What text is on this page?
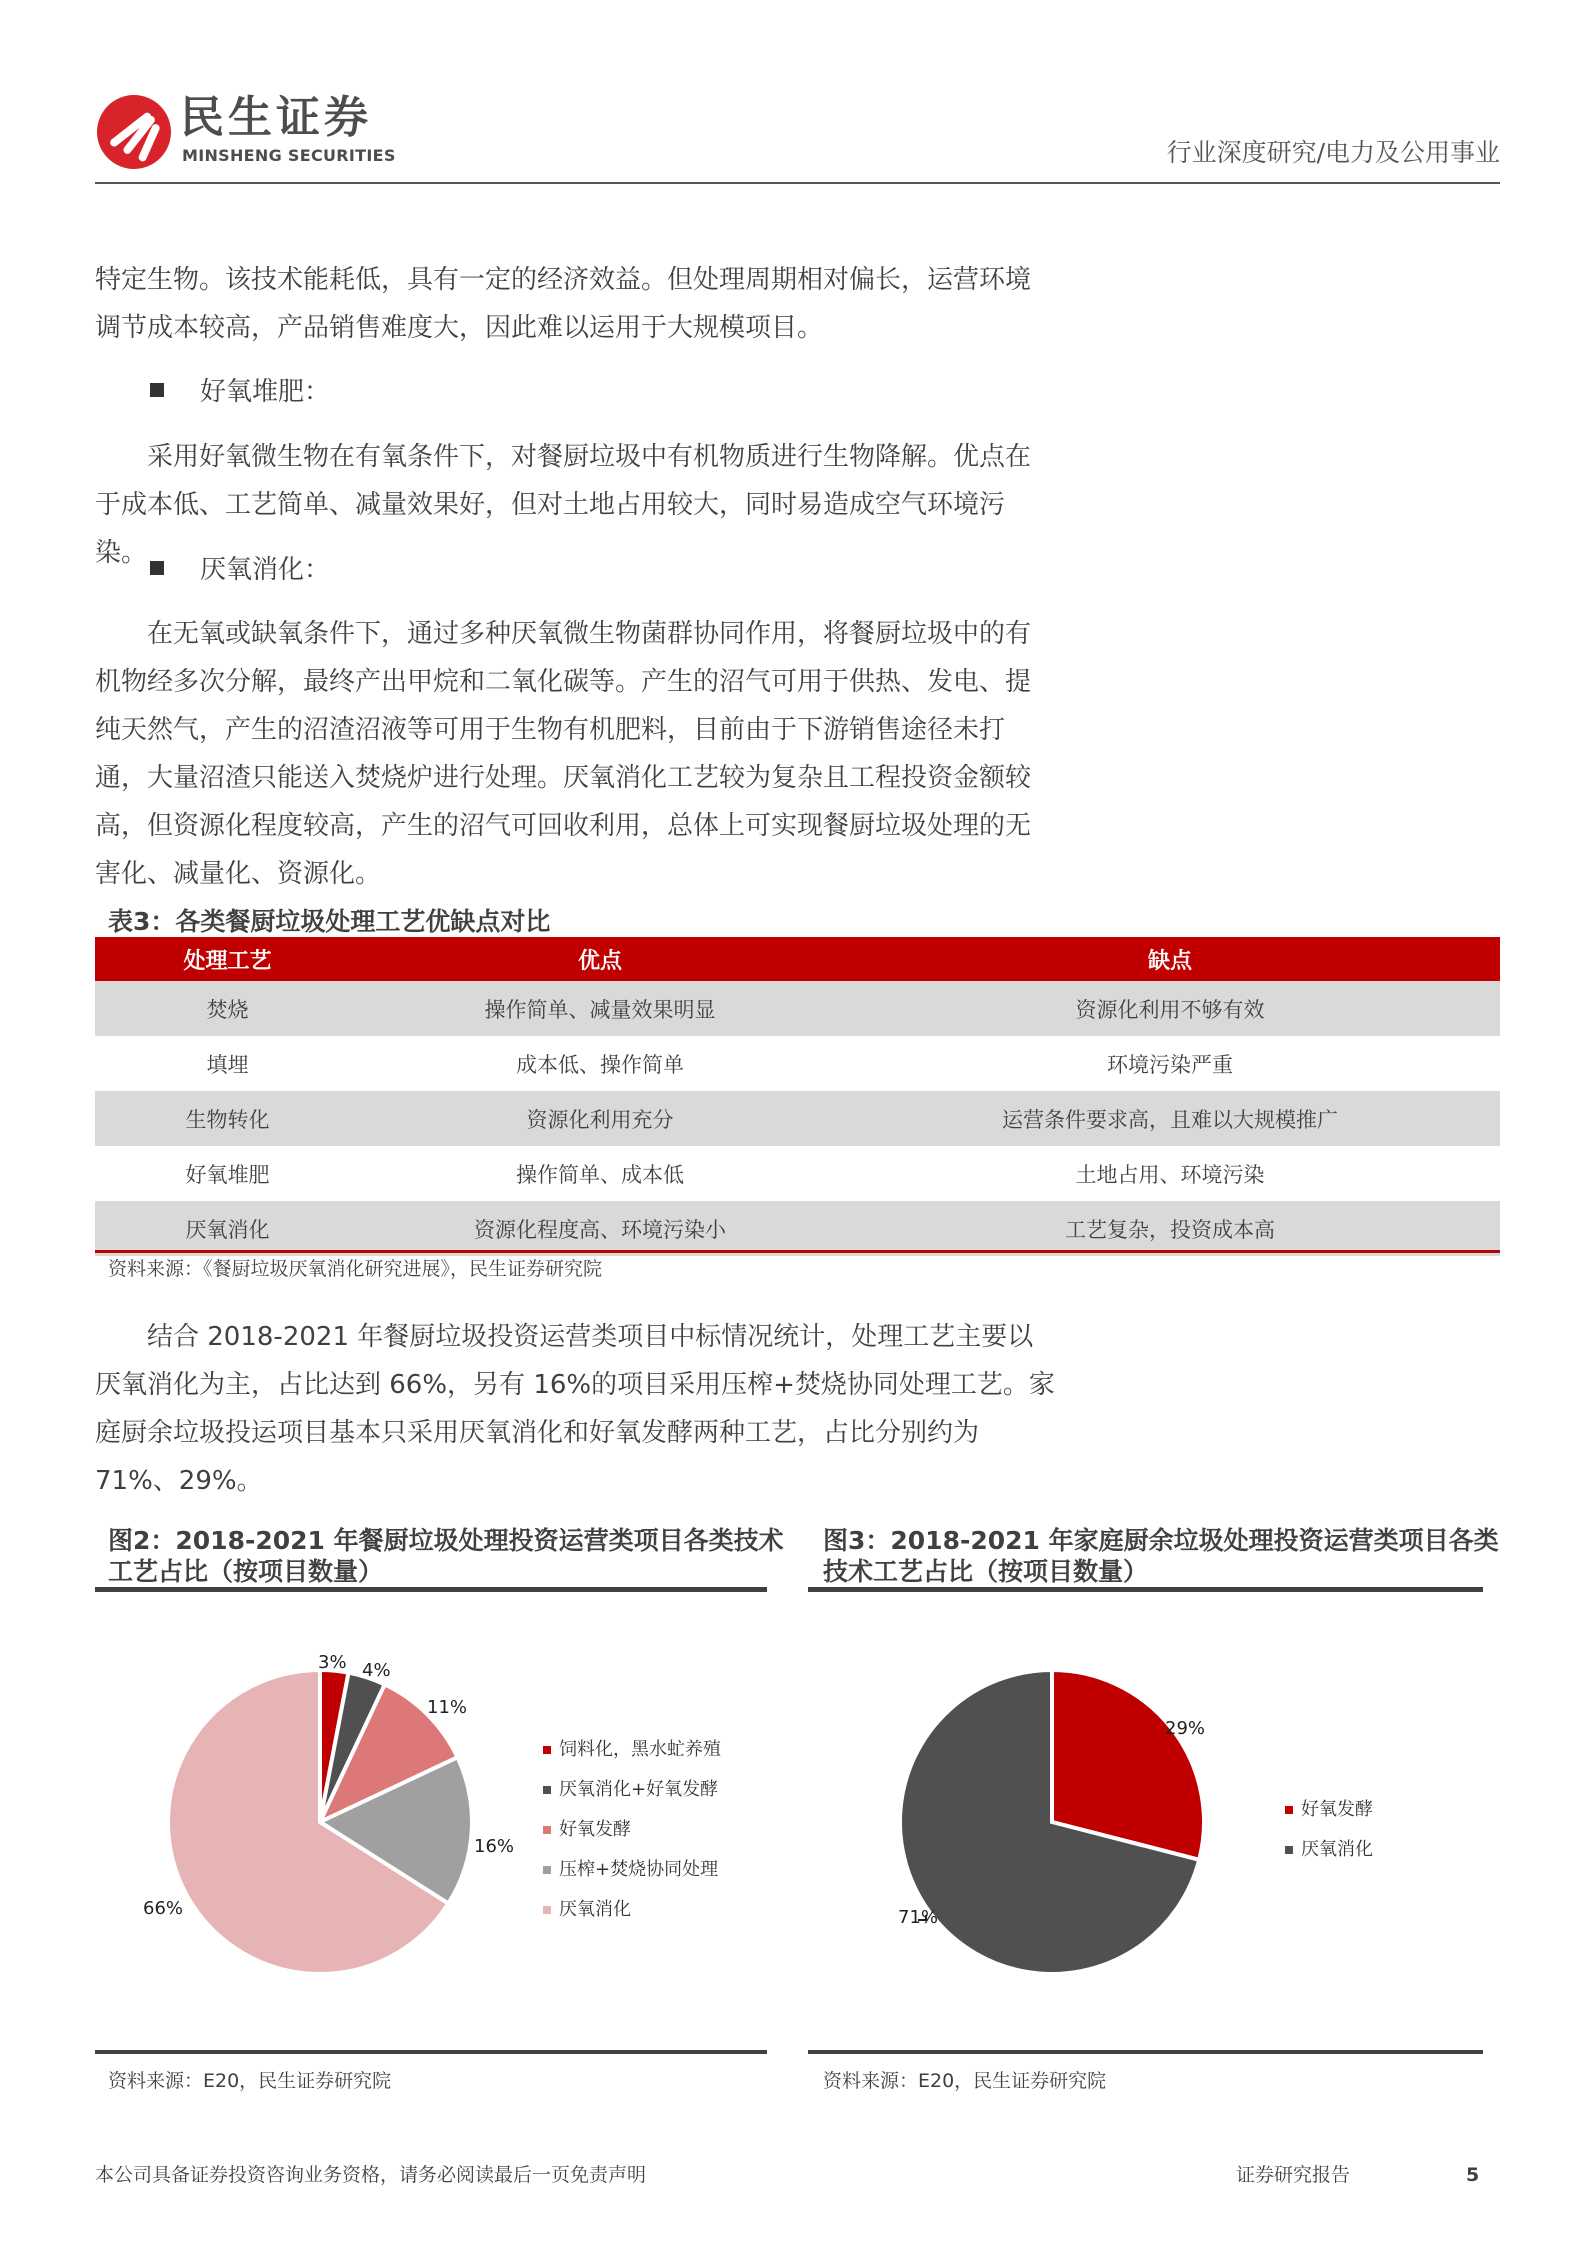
民生证券
MINSHENG SECURITIES	行业深度研究/电力及公用事业
特定生物。该技术能耗低，具有一定的经济效益。但处理周期相对偏长，运营环境
调节成本较高，产品销售难度大，因此难以运用于大规模项目。
好氧堆肥：
采用好氧微生物在有氧条件下，对餐厨垃圾中有机物质进行生物降解。优点在于成本低、工艺简单、减量效果好，但对土地占用较大，同时易造成空气环境污染。
厌氧消化：
在无氧或缺氧条件下，通过多种厌氧微生物菌群协同作用，将餐厨垃圾中的有机物经多次分解，最终产出甲烷和二氧化碳等。产生的沼气可用于供热、发电、提纯天然气，产生的沼渣沼液等可用于生物有机肥料，目前由于下游销售途径未打通，大量沼渣只能送入焚烧炉进行处理。厌氧消化工艺较为复杂且工程投资金额较高，但资源化程度较高，产生的沼气可回收利用，总体上可实现餐厨垃圾处理的无害化、减量化、资源化。
表3：各类餐厨垃圾处理工艺优缺点对比
处理工艺	优点	缺点
焚烧	操作简单、减量效果明显	资源化利用不够有效
填埋	成本低、操作简单	环境污染严重
生物转化	资源化利用充分	运营条件要求高，且难以大规模推广
好氧堆肥	操作简单、成本低	土地占用、环境污染
厌氧消化	资源化程度高、环境污染小	工艺复杂，投资成本高
资料来源：《餐厨垃圾厌氧消化研究进展》，民生证券研究院
结合 2018-2021 年餐厨垃圾投资运营类项目中标情况统计，处理工艺主要以厌氧消化为主，占比达到 66%，另有 16%的项目采用压榨+焚烧协同处理工艺。家庭厨余垃圾投运项目基本只采用厌氧消化和好氧发酵两种工艺，占比分别约为71%、29%。
图2：2018-2021 年餐厨垃圾处理投资运营类项目各类技术工艺占比（按项目数量）
3% 4%
11%
16%
66%
饲料化，黑水虻养殖
厌氧消化+好氧发酵
好氧发酵
压榨+焚烧协同处理
厌氧消化
资料来源：E20，民生证券研究院
图3：2018-2021 年家庭厨余垃圾处理投资运营类项目各类技术工艺占比（按项目数量）
29%
71%
好氧发酵
厌氧消化
资料来源：E20，民生证券研究院
本公司具备证券投资咨询业务资格，请务必阅读最后一页免责声明	证券研究报告	5
